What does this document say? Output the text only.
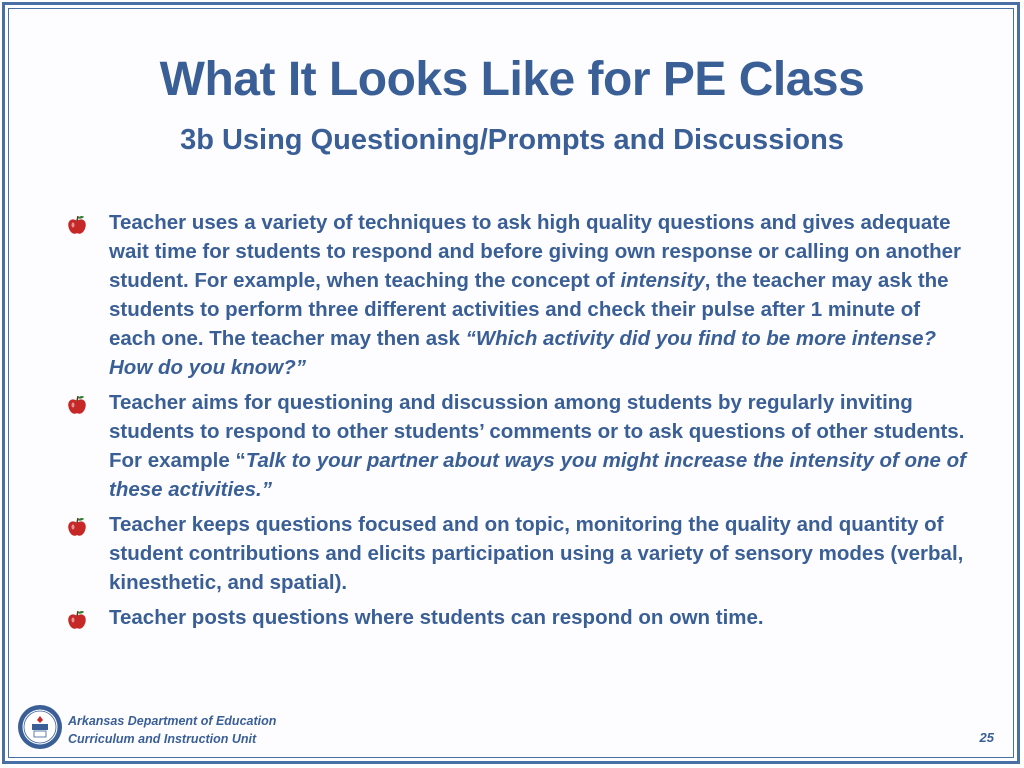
What It Looks Like for PE Class
3b Using Questioning/Prompts and Discussions
Teacher uses a variety of techniques to ask high quality questions and gives adequate wait time for students to respond and before giving own response or calling on another student. For example, when teaching the concept of intensity, the teacher may ask the students to perform three different activities and check their pulse after 1 minute of each one. The teacher may then ask “Which activity did you find to be more intense? How do you know?”
Teacher aims for questioning and discussion among students by regularly inviting students to respond to other students’ comments or to ask questions of other students. For example “Talk to your partner about ways you might increase the intensity of one of these activities.”
Teacher keeps questions focused and on topic, monitoring the quality and quantity of student contributions and elicits participation using a variety of sensory modes (verbal, kinesthetic, and spatial).
Teacher posts questions where students can respond on own time.
Arkansas Department of Education
Curriculum and Instruction Unit	25
